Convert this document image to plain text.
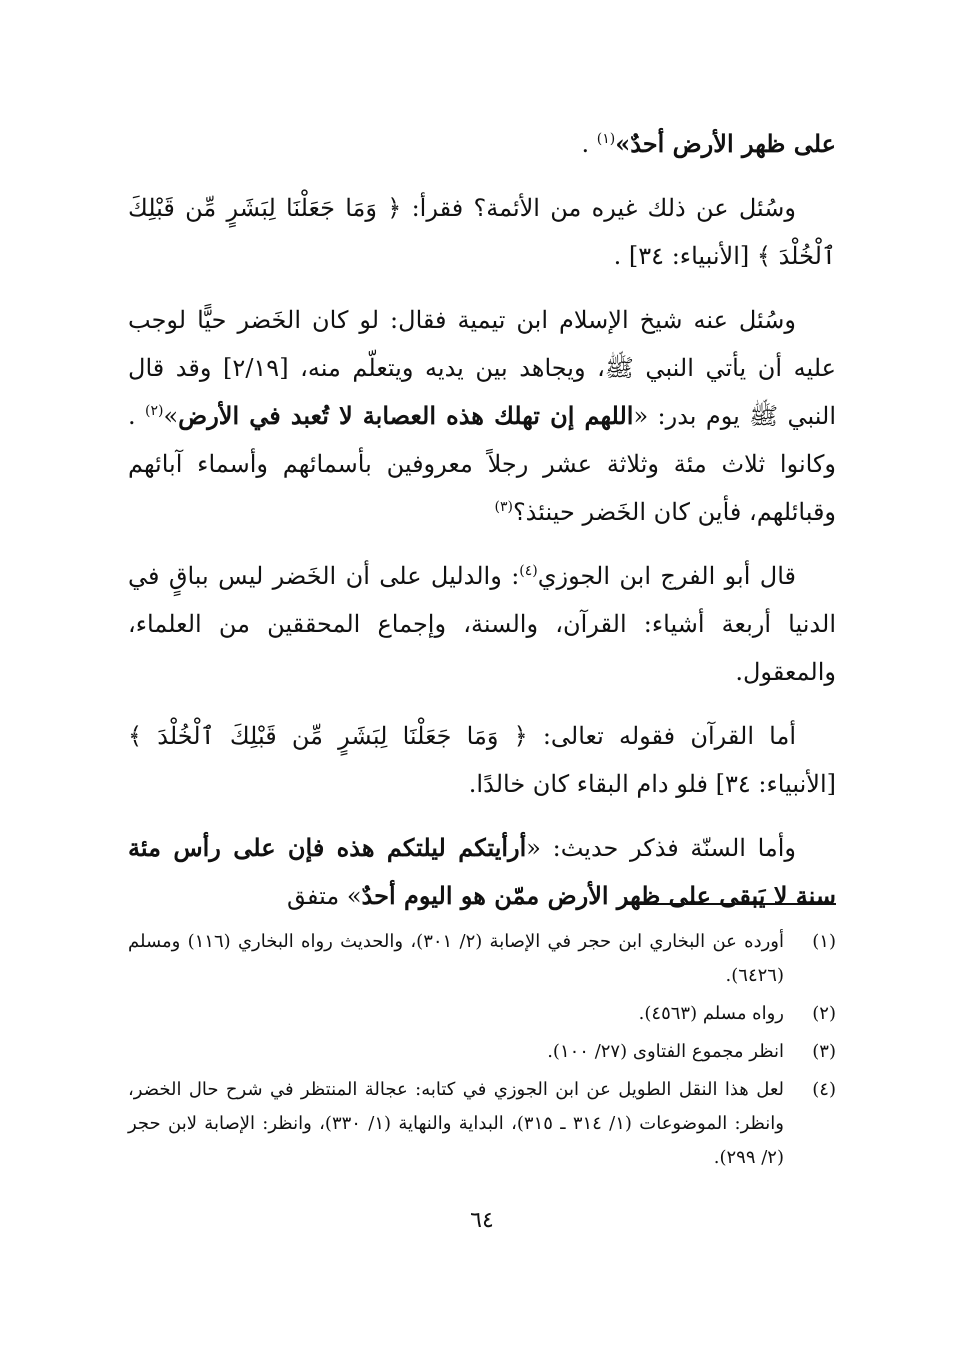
على ظهر الأرض أحدٌ»$^{(١)}$ .

وسُئل عن ذلك غيره من الأئمة؟ فقرأ: ﴿ وَمَا جَعَلْنَا لِبَشَرٍ مِّن قَبْلِكَ ٱلْخُلْدَ ﴾ [الأنبياء: ٣٤] .

وسُئل عنه شيخ الإسلام ابن تيمية فقال: لو كان الخَضر حيًّا لوجب عليه أن يأتي النبي ﷺ، ويجاهد بين يديه ويتعلّم منه، [٢/١٩] وقد قال النبي ﷺ يوم بدر: «اللهم إن تهلك هذه العصابة لا تُعبد في الأرض»$^{(٢)}$ . وكانوا ثلاث مئة وثلاثة عشر رجلاً معروفين بأسمائهم وأسماء آبائهم وقبائلهم، فأين كان الخَضر حينئذ؟$^{(٣)}$

قال أبو الفرج ابن الجوزي$^{(٤)}$: والدليل على أن الخَضر ليس بباقٍ في الدنيا أربعة أشياء: القرآن، والسنة، وإجماع المحققين من العلماء، والمعقول.

أما القرآن فقوله تعالى: ﴿ وَمَا جَعَلْنَا لِبَشَرٍ مِّن قَبْلِكَ ٱلْخُلْدَ ﴾ [الأنبياء: ٣٤] فلو دام البقاء كان خالدًا.

وأما السنّة فذكر حديث: «أرأيتكم ليلتكم هذه فإن على رأس مئة سنة لا يَبقى على ظهر الأرض ممّن هو اليوم أحدٌ» متفق

(١)
أورده عن البخاري ابن حجر في الإصابة (٢/ ٣٠١)، والحديث رواه البخاري (١١٦) ومسلم (٦٤٢٦).
(٢)
رواه مسلم (٤٥٦٣).
(٣)
انظر مجموع الفتاوى (٢٧/ ١٠٠).
(٤)
لعل هذا النقل الطويل عن ابن الجوزي في كتابه: عجالة المنتظر في شرح حال الخضر، وانظر: الموضوعات (١/ ٣١٤ ـ ٣١٥)، البداية والنهاية (١/ ٣٣٠)، وانظر: الإصابة لابن حجر (٢/ ٢٩٩).
٦٤
